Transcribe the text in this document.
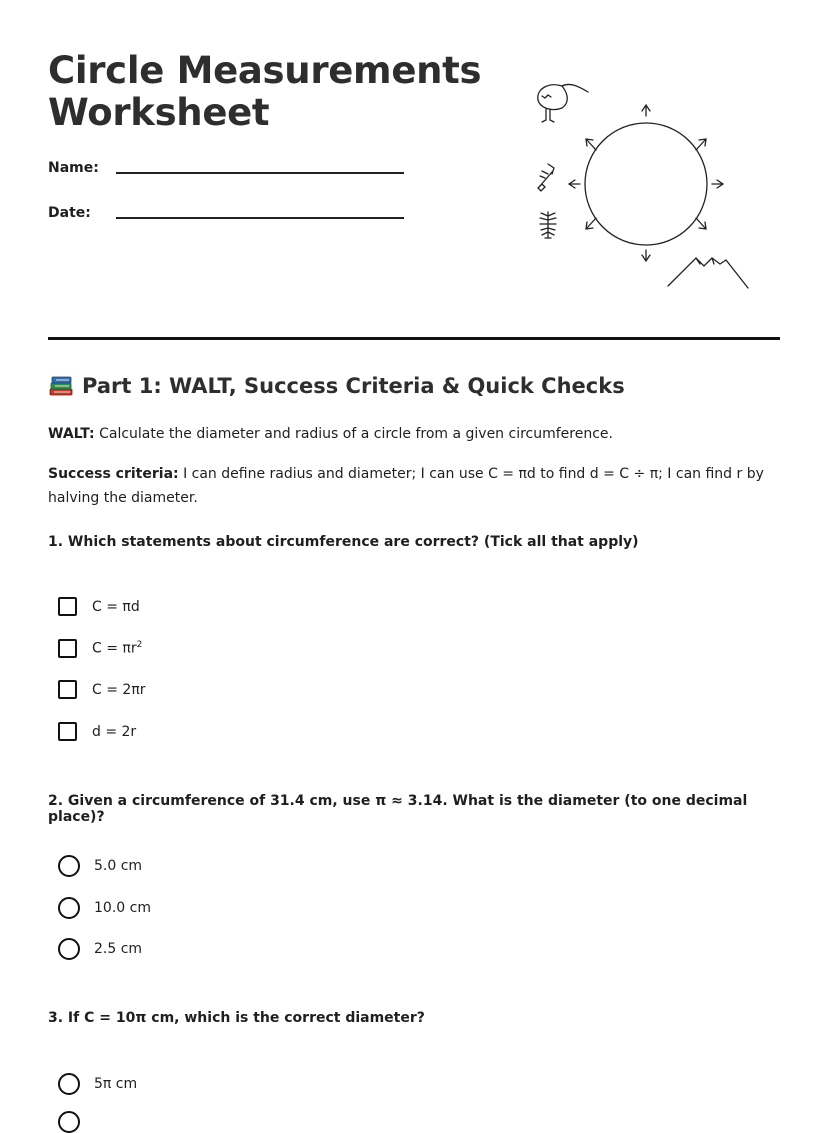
Circle Measurements
Worksheet
Name:
Date:
Part 1: WALT, Success Criteria & Quick Checks

WALT: Calculate the diameter and radius of a circle from a given circumference.

Success criteria: I can define radius and diameter; I can use C = πd to find d = C ÷ π; I can find r by halving the diameter.

1. Which statements about circumference are correct? (Tick all that apply)

C = πd
$C = \pi r^2$
C = 2πr
d = 2r

2. Given a circumference of 31.4 cm, use π ≈ 3.14. What is the diameter (to one decimal place)?

5.0 cm
10.0 cm
2.5 cm

3. If C = 10π cm, which is the correct diameter?

5π cm
